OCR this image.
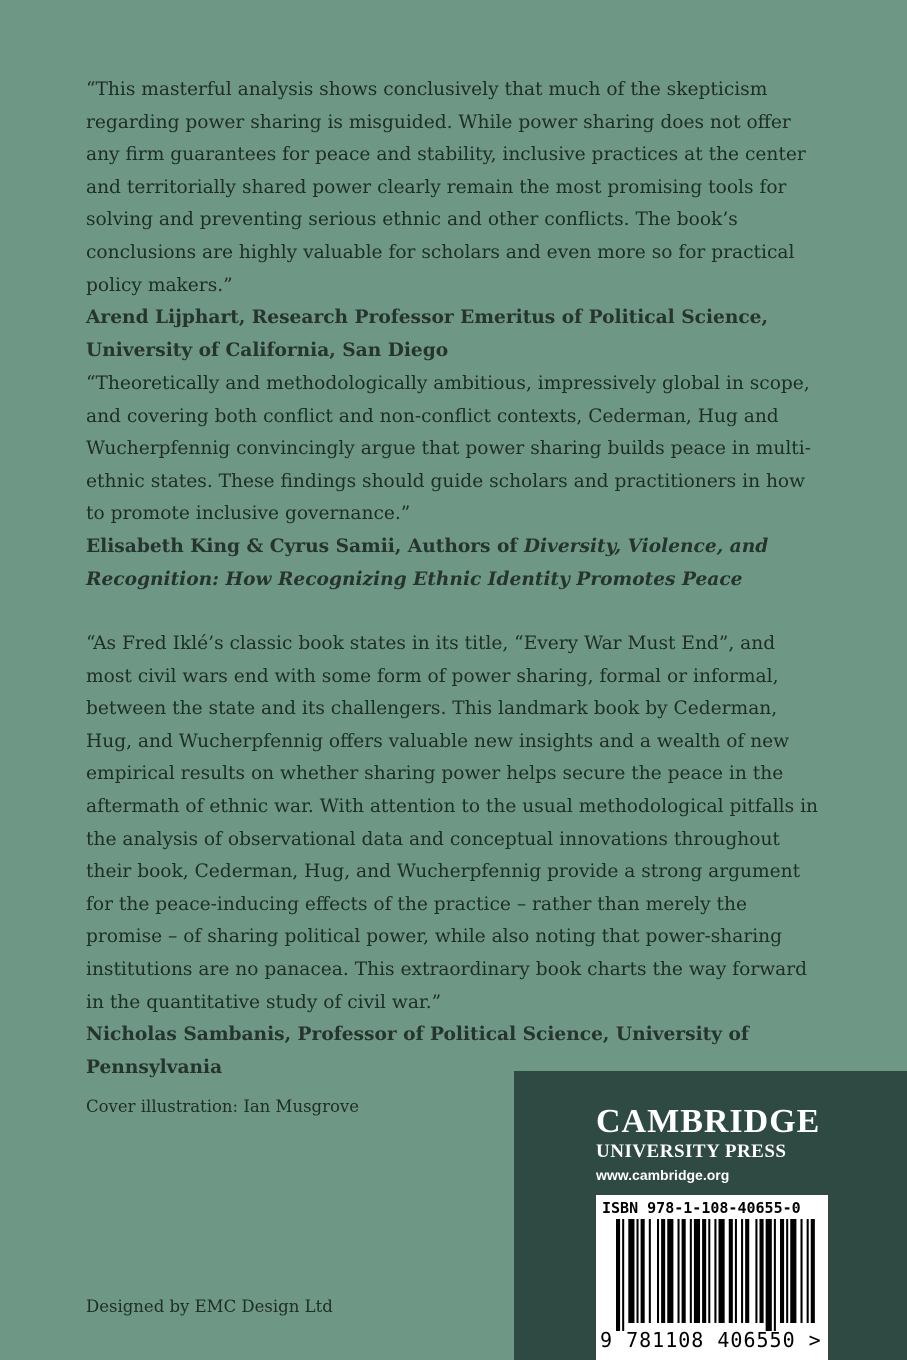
“This masterful analysis shows conclusively that much of the skepticism regarding power sharing is misguided. While power sharing does not offer any firm guarantees for peace and stability, inclusive practices at the center and territorially shared power clearly remain the most promising tools for solving and preventing serious ethnic and other conflicts. The book’s conclusions are highly valuable for scholars and even more so for practical policy makers.”

Arend Lijphart, Research Professor Emeritus of Political Science, University of California, San Diego

“Theoretically and methodologically ambitious, impressively global in scope, and covering both conflict and non-conflict contexts, Cederman, Hug and Wucherpfennig convincingly argue that power sharing builds peace in multi-ethnic states. These findings should guide scholars and practitioners in how to promote inclusive governance.”

Elisabeth King & Cyrus Samii, Authors of Diversity, Violence, and Recognition: How Recognizing Ethnic Identity Promotes Peace

“As Fred Iklé’s classic book states in its title, “Every War Must End”, and most civil wars end with some form of power sharing, formal or informal, between the state and its challengers. This landmark book by Cederman, Hug, and Wucherpfennig offers valuable new insights and a wealth of new empirical results on whether sharing power helps secure the peace in the aftermath of ethnic war. With attention to the usual methodological pitfalls in the analysis of observational data and conceptual innovations throughout their book, Cederman, Hug, and Wucherpfennig provide a strong argument for the peace-inducing effects of the practice – rather than merely the promise – of sharing political power, while also noting that power-sharing institutions are no panacea. This extraordinary book charts the way forward in the quantitative study of civil war.”

Nicholas Sambanis, Professor of Political Science, University of Pennsylvania

Cover illustration: Ian Musgrove
Designed by EMC Design Ltd
CAMBRIDGE
UNIVERSITY PRESS
www.cambridge.org
ISBN 978-1-108-40655-0
9 781108 406550 >
